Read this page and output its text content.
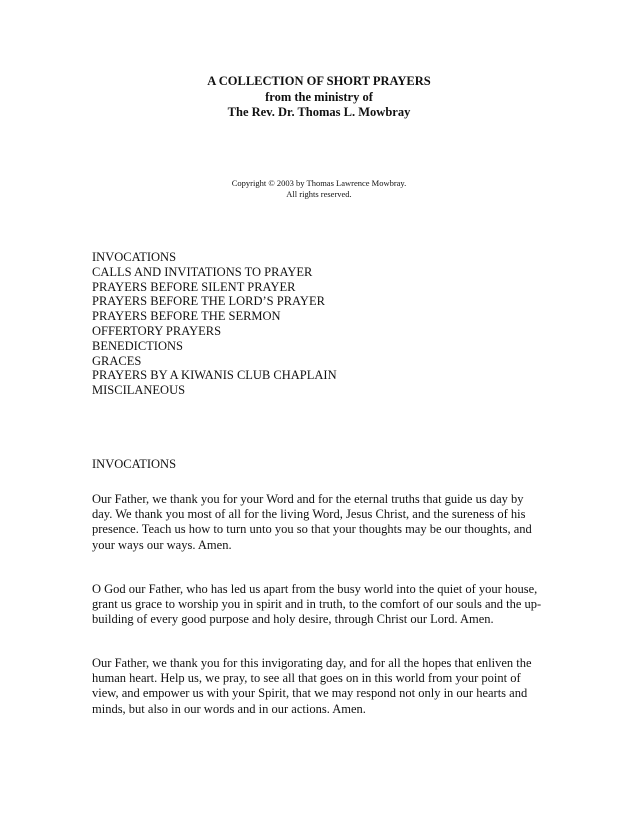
A COLLECTION OF SHORT PRAYERS
from the ministry of
The Rev. Dr. Thomas L. Mowbray
Copyright © 2003 by Thomas Lawrence Mowbray.
All rights reserved.
INVOCATIONS
CALLS AND INVITATIONS TO PRAYER
PRAYERS BEFORE SILENT PRAYER
PRAYERS BEFORE THE LORD’S PRAYER
PRAYERS BEFORE THE SERMON
OFFERTORY PRAYERS
BENEDICTIONS
GRACES
PRAYERS BY A KIWANIS CLUB CHAPLAIN
MISCILANEOUS
INVOCATIONS
Our Father, we thank you for your Word and for the eternal truths that guide us day by
day. We thank you most of all for the living Word, Jesus Christ, and the sureness of his
presence. Teach us how to turn unto you so that your thoughts may be our thoughts, and
your ways our ways. Amen.
O God our Father, who has led us apart from the busy world into the quiet of your house,
grant us grace to worship you in spirit and in truth, to the comfort of our souls and the up-
building of every good purpose and holy desire, through Christ our Lord. Amen.
Our Father, we thank you for this invigorating day, and for all the hopes that enliven the
human heart. Help us, we pray, to see all that goes on in this world from your point of
view, and empower us with your Spirit, that we may respond not only in our hearts and
minds, but also in our words and in our actions. Amen.
